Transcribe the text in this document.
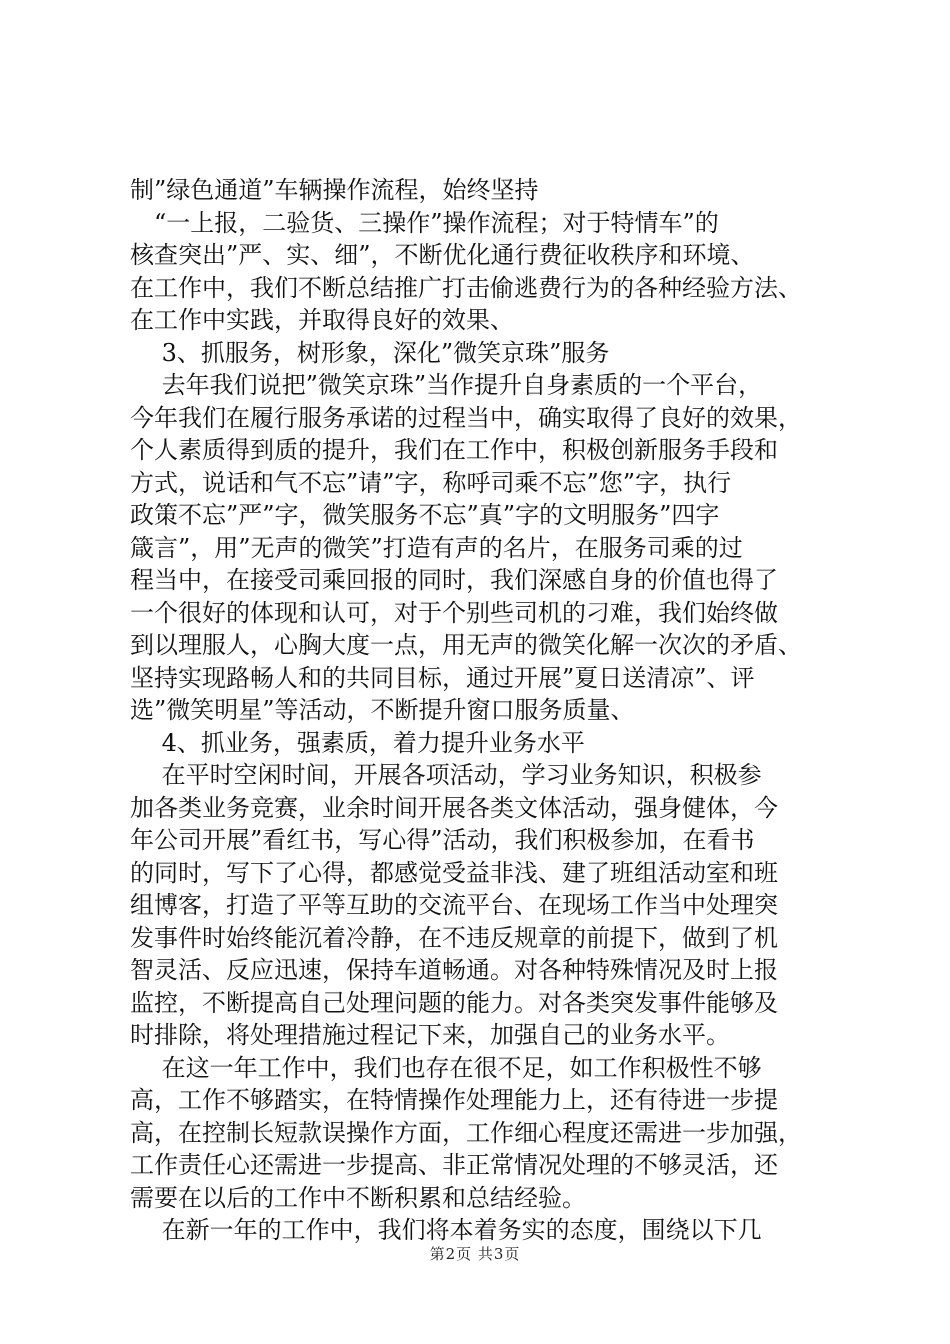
制”绿色通道”车辆操作流程，始终坚持
　“一上报，二验货、三操作”操作流程；对于特情车”的
核查突出”严、实、细”，不断优化通行费征收秩序和环境、
在工作中，我们不断总结推广打击偷逃费行为的各种经验方法、
在工作中实践，并取得良好的效果、
　 3、抓服务，树形象，深化”微笑京珠”服务
　 去年我们说把”微笑京珠”当作提升自身素质的一个平台，
今年我们在履行服务承诺的过程当中，确实取得了良好的效果，
个人素质得到质的提升，我们在工作中，积极创新服务手段和
方式，说话和气不忘”请”字，称呼司乘不忘”您”字，执行
政策不忘”严”字，微笑服务不忘”真”字的文明服务”四字
箴言”，用”无声的微笑”打造有声的名片，在服务司乘的过
程当中，在接受司乘回报的同时，我们深感自身的价值也得了
一个很好的体现和认可，对于个别些司机的刁难，我们始终做
到以理服人，心胸大度一点，用无声的微笑化解一次次的矛盾、
坚持实现路畅人和的共同目标，通过开展”夏日送清凉”、评
选”微笑明星”等活动，不断提升窗口服务质量、
　 4、抓业务，强素质，着力提升业务水平
　 在平时空闲时间，开展各项活动，学习业务知识，积极参
加各类业务竞赛，业余时间开展各类文体活动，强身健体，今
年公司开展”看红书，写心得”活动，我们积极参加，在看书
的同时，写下了心得，都感觉受益非浅、建了班组活动室和班
组博客，打造了平等互助的交流平台、在现场工作当中处理突
发事件时始终能沉着冷静，在不违反规章的前提下，做到了机
智灵活、反应迅速，保持车道畅通。对各种特殊情况及时上报
监控，不断提高自己处理问题的能力。对各类突发事件能够及
时排除，将处理措施过程记下来，加强自己的业务水平。
　 在这一年工作中，我们也存在很不足，如工作积极性不够
高，工作不够踏实，在特情操作处理能力上，还有待进一步提
高，在控制长短款误操作方面，工作细心程度还需进一步加强，
工作责任心还需进一步提高、非正常情况处理的不够灵活，还
需要在以后的工作中不断积累和总结经验。
　 在新一年的工作中，我们将本着务实的态度，围绕以下几
第2页 共3页
